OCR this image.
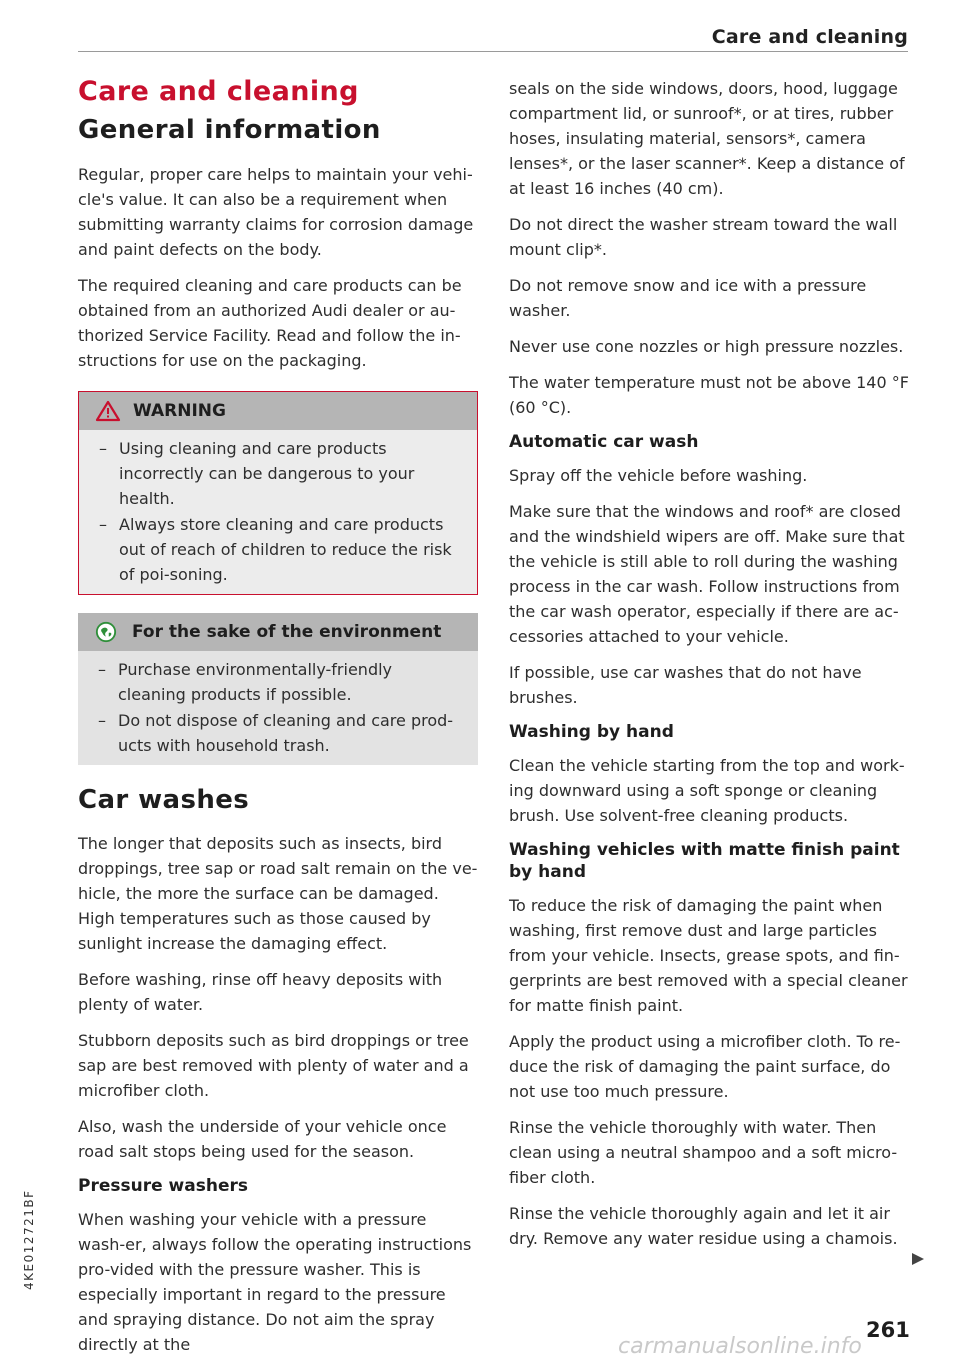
Care and cleaning
Care and cleaning
General information

Regular, proper care helps to maintain your vehi-cle's value. It can also be a requirement when submitting warranty claims for corrosion damage and paint defects on the body.

The required cleaning and care products can be obtained from an authorized Audi dealer or au-thorized Service Facility. Read and follow the in-structions for use on the packaging.

WARNING
– Using cleaning and care products incorrectly can be dangerous to your health.
– Always store cleaning and care products out of reach of children to reduce the risk of poi-soning.
For the sake of the environment
– Purchase environmentally-friendly cleaning products if possible.
– Do not dispose of cleaning and care prod-ucts with household trash.
Car washes

The longer that deposits such as insects, bird droppings, tree sap or road salt remain on the ve-hicle, the more the surface can be damaged. High temperatures such as those caused by sunlight increase the damaging effect.

Before washing, rinse off heavy deposits with plenty of water.

Stubborn deposits such as bird droppings or tree sap are best removed with plenty of water and a microfiber cloth.

Also, wash the underside of your vehicle once road salt stops being used for the season.

Pressure washers

When washing your vehicle with a pressure wash-er, always follow the operating instructions pro-vided with the pressure washer. This is especially important in regard to the pressure and spraying distance. Do not aim the spray directly at the

seals on the side windows, doors, hood, luggage compartment lid, or sunroof*, or at tires, rubber hoses, insulating material, sensors*, camera lenses*, or the laser scanner*. Keep a distance of at least 16 inches (40 cm).

Do not direct the washer stream toward the wall mount clip*.

Do not remove snow and ice with a pressure washer.

Never use cone nozzles or high pressure nozzles.

The water temperature must not be above 140 °F (60 °C).

Automatic car wash

Spray off the vehicle before washing.

Make sure that the windows and roof* are closed and the windshield wipers are off. Make sure that the vehicle is still able to roll during the washing process in the car wash. Follow instructions from the car wash operator, especially if there are ac-cessories attached to your vehicle.

If possible, use car washes that do not have brushes.

Washing by hand

Clean the vehicle starting from the top and work-ing downward using a soft sponge or cleaning brush. Use solvent-free cleaning products.

Washing vehicles with matte finish paint by hand

To reduce the risk of damaging the paint when washing, first remove dust and large particles from your vehicle. Insects, grease spots, and fin-gerprints are best removed with a special cleaner for matte finish paint.

Apply the product using a microfiber cloth. To re-duce the risk of damaging the paint surface, do not use too much pressure.

Rinse the vehicle thoroughly with water. Then clean using a neutral shampoo and a soft micro-fiber cloth.

Rinse the vehicle thoroughly again and let it air dry. Remove any water residue using a chamois.

4KE012721BF
261
carmanualsonline.info
